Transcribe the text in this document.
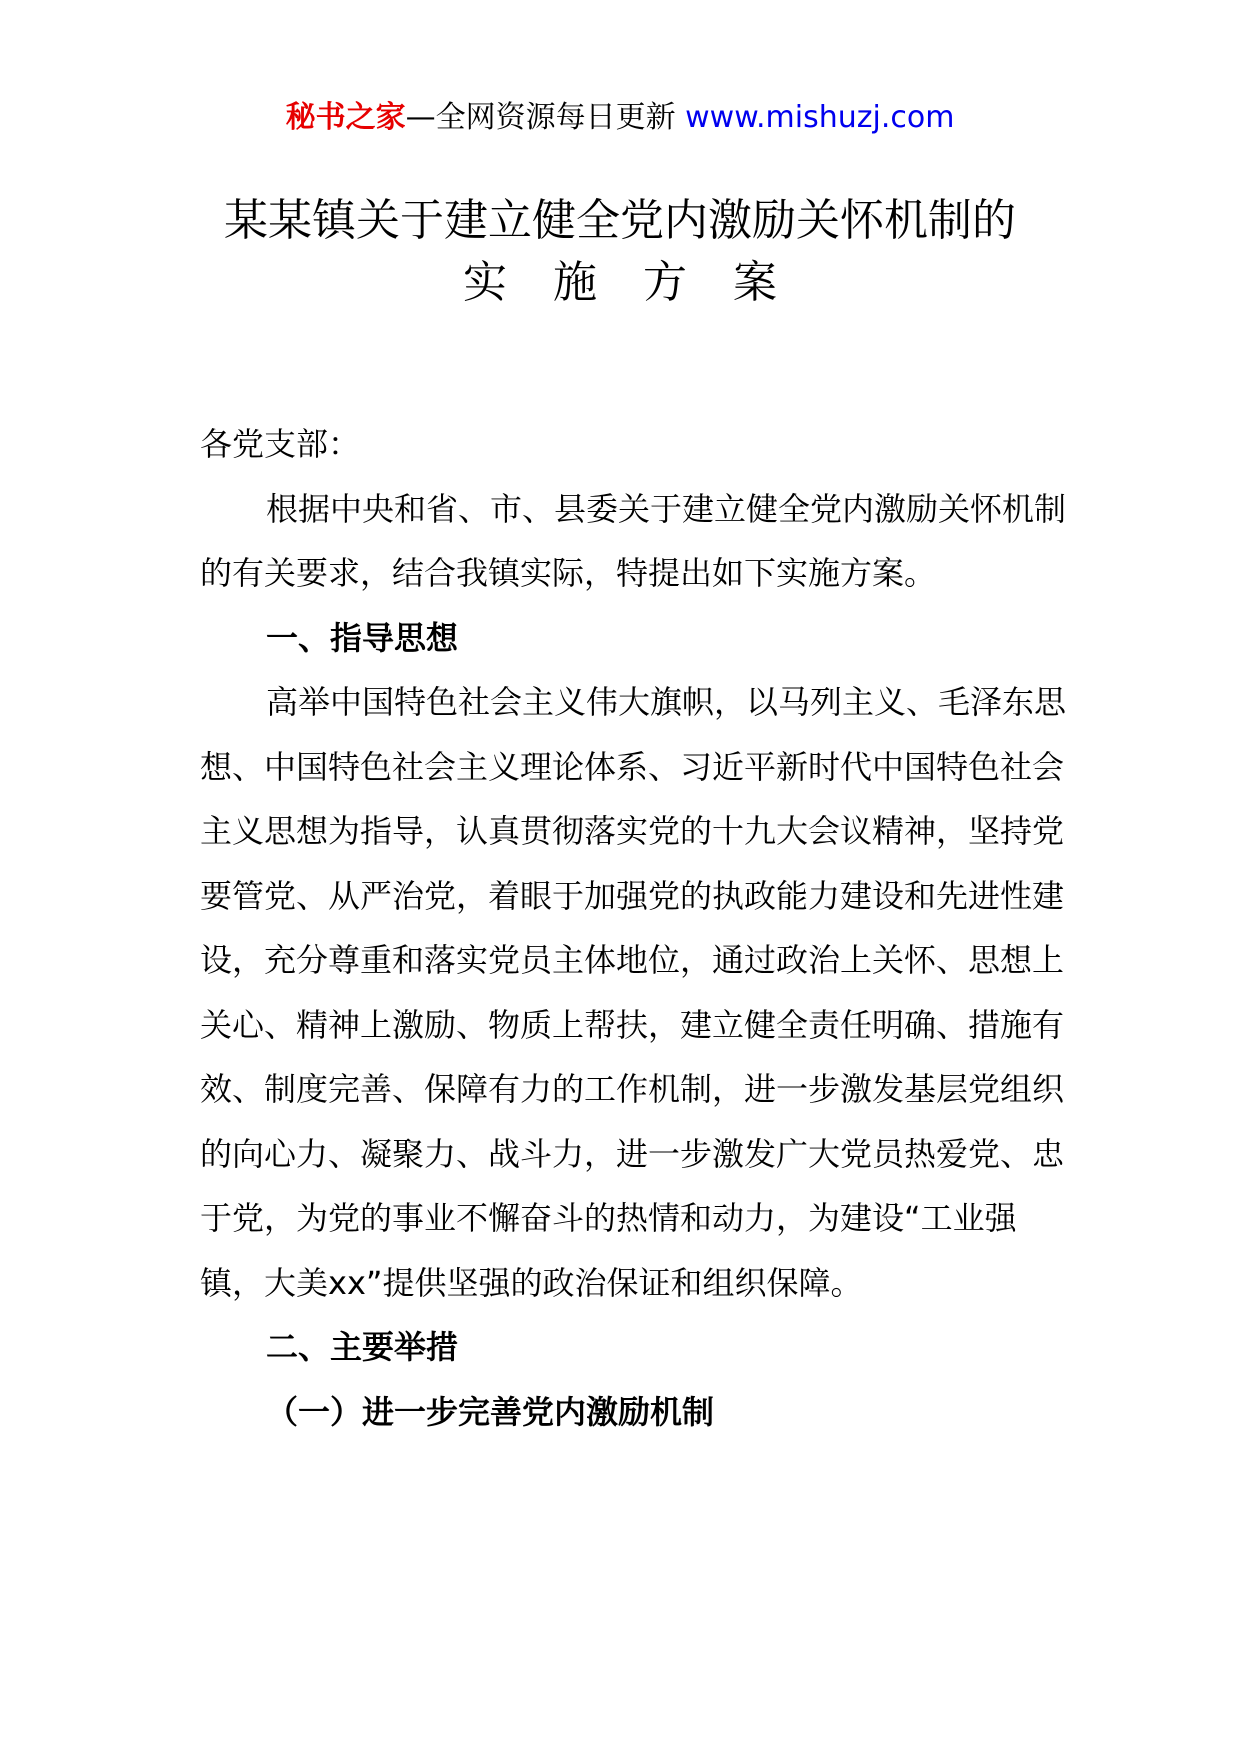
秘书之家—全网资源每日更新 www.mishuzj.com
某某镇关于建立健全党内激励关怀机制的
实施方案

各党支部：

根据中央和省、市、县委关于建立健全党内激励关怀机制的有关要求，结合我镇实际，特提出如下实施方案。

一、指导思想

高举中国特色社会主义伟大旗帜，以马列主义、毛泽东思想、中国特色社会主义理论体系、习近平新时代中国特色社会主义思想为指导，认真贯彻落实党的十九大会议精神，坚持党要管党、从严治党，着眼于加强党的执政能力建设和先进性建设，充分尊重和落实党员主体地位，通过政治上关怀、思想上关心、精神上激励、物质上帮扶，建立健全责任明确、措施有效、制度完善、保障有力的工作机制，进一步激发基层党组织的向心力、凝聚力、战斗力，进一步激发广大党员热爱党、忠于党，为党的事业不懈奋斗的热情和动力，为建设“工业强镇，大美xx”提供坚强的政治保证和组织保障。

二、主要举措

（一）进一步完善党内激励机制
